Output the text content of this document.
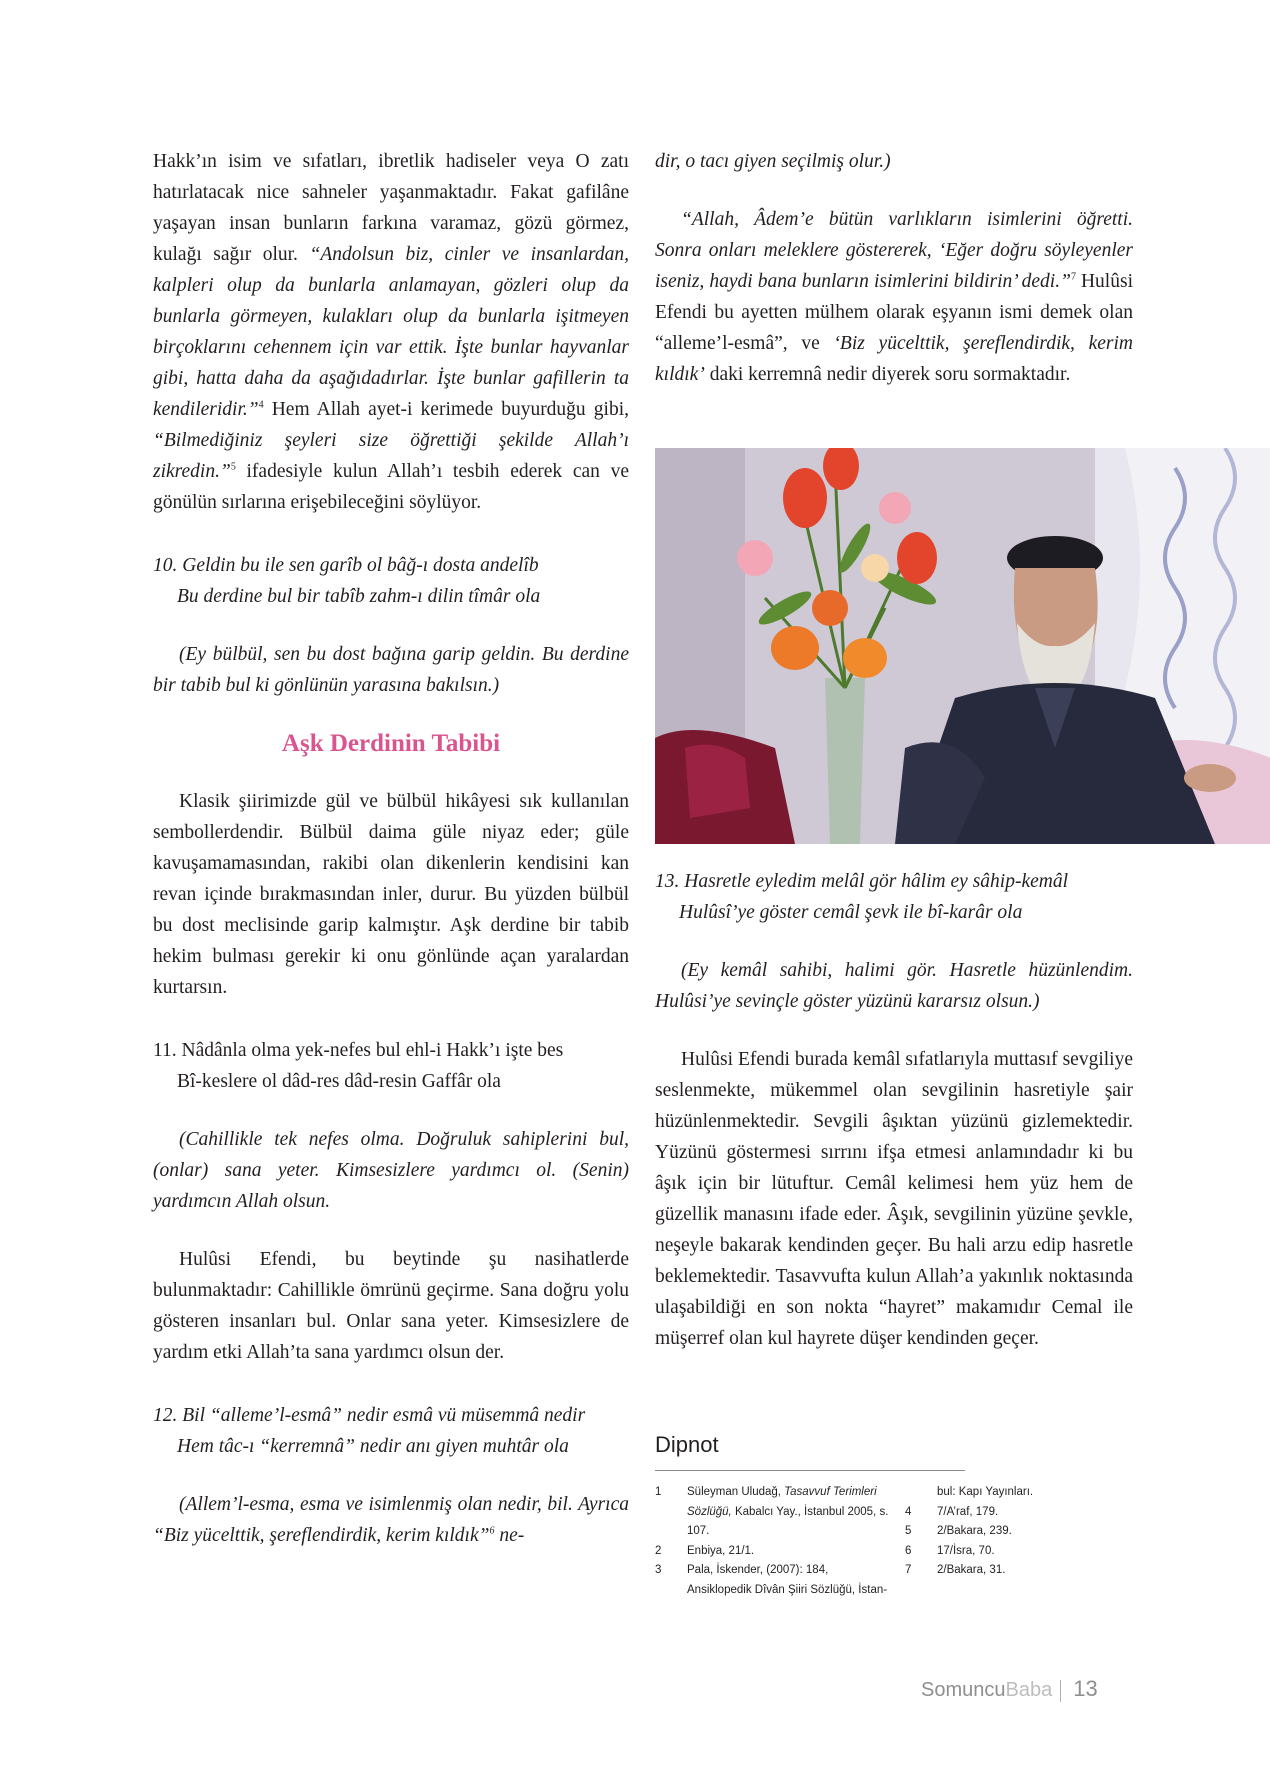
Hakk’ın isim ve sıfatları, ibretlik hadiseler veya O zatı hatırlatacak nice sahneler yaşanmaktadır. Fakat gafilâne yaşayan insan bunların farkına varamaz, gözü görmez, kulağı sağır olur. “Andolsun biz, cinler ve insanlardan, kalpleri olup da bunlarla anlamayan, gözleri olup da bunlarla görmeyen, kulakları olup da bunlarla işitmeyen birçoklarını cehennem için var ettik. İşte bunlar hayvanlar gibi, hatta daha da aşağıdadırlar. İşte bunlar gafillerin ta kendileridir.”$^4$ Hem Allah ayet-i kerimede buyurduğu gibi, “Bilmediğiniz şeyleri size öğrettiği şekilde Allah’ı zikredin.”$^5$ ifadesiyle kulun Allah’ı tesbih ederek can ve gönülün sırlarına erişebileceğini söylüyor.

10. Geldin bu ile sen garîb ol bâğ-ı dosta andelîb
Bu derdine bul bir tabîb zahm-ı dilin tîmâr ola

(Ey bülbül, sen bu dost bağına garip geldin. Bu derdine bir tabib bul ki gönlünün yarasına bakılsın.)

Aşk Derdinin Tabibi

Klasik şiirimizde gül ve bülbül hikâyesi sık kullanılan sembollerdendir. Bülbül daima güle niyaz eder; güle kavuşamamasından, rakibi olan dikenlerin kendisini kan revan içinde bırakmasından inler, durur. Bu yüzden bülbül bu dost meclisinde garip kalmıştır. Aşk derdine bir tabib hekim bulması gerekir ki onu gönlünde açan yaralardan kurtarsın.

11. Nâdânla olma yek-nefes bul ehl-i Hakk’ı işte bes
Bî-keslere ol dâd-res dâd-resin Gaffâr ola

(Cahillikle tek nefes olma. Doğruluk sahiplerini bul, (onlar) sana yeter. Kimsesizlere yardımcı ol. (Senin) yardımcın Allah olsun.

Hulûsi Efendi, bu beytinde şu nasihatlerde bulunmaktadır: Cahillikle ömrünü geçirme. Sana doğru yolu gösteren insanları bul. Onlar sana yeter. Kimsesizlere de yardım etki Allah’ta sana yardımcı olsun der.

12. Bil “alleme’l-esmâ” nedir esmâ vü müsemmâ nedir
Hem tâc-ı “kerremnâ” nedir anı giyen muhtâr ola

(Allem’l-esma, esma ve isimlenmiş olan nedir, bil. Ayrıca “Biz yücelttik, şereflendirdik, kerim kıldık”$^6$ ne-

dir, o tacı giyen seçilmiş olur.)

“Allah, Âdem’e bütün varlıkların isimlerini öğretti. Sonra onları meleklere göstererek, ‘Eğer doğru söyleyenler iseniz, haydi bana bunların isimlerini bildirin’ dedi.”$^7$ Hulûsi Efendi bu ayetten mülhem olarak eşyanın ismi demek olan “alleme’l-esmâ”, ve ‘Biz yücelttik, şereflendirdik, kerim kıldık’ daki kerremnâ nedir diyerek soru sormaktadır.

13. Hasretle eyledim melâl gör hâlim ey sâhip-kemâl
Hulûsî’ye göster cemâl şevk ile bî-karâr ola

(Ey kemâl sahibi, halimi gör. Hasretle hüzünlendim. Hulûsi’ye sevinçle göster yüzünü kararsız olsun.)

Hulûsi Efendi burada kemâl sıfatlarıyla muttasıf sevgiliye seslenmekte, mükemmel olan sevgilinin hasretiyle şair hüzünlenmektedir. Sevgili âşıktan yüzünü gizlemektedir. Yüzünü göstermesi sırrını ifşa etmesi anlamındadır ki bu âşık için bir lütuftur. Cemâl kelimesi hem yüz hem de güzellik manasını ifade eder. Âşık, sevgilinin yüzüne şevkle, neşeyle bakarak kendinden geçer. Bu hali arzu edip hasretle beklemektedir. Tasavvufta kulun Allah’a yakınlık noktasında ulaşabildiği en son nokta “hayret” makamıdır Cemal ile müşerref olan kul hayrete düşer kendinden geçer.

Dipnot
1 Süleyman Uludağ, Tasavvuf Terimleri Sözlüğü, Kabalcı Yay., İstanbul 2005, s. 107.
2 Enbiya, 21/1.
3 Pala, İskender, (2007): 184, Ansiklopedik Dîvân Şiiri Sözlüğü, İstan-
bul: Kapı Yayınları.
4 7/A’raf, 179.
5 2/Bakara, 239.
6 17/İsra, 70.
7 2/Bakara, 31.
SomuncuBaba 13
